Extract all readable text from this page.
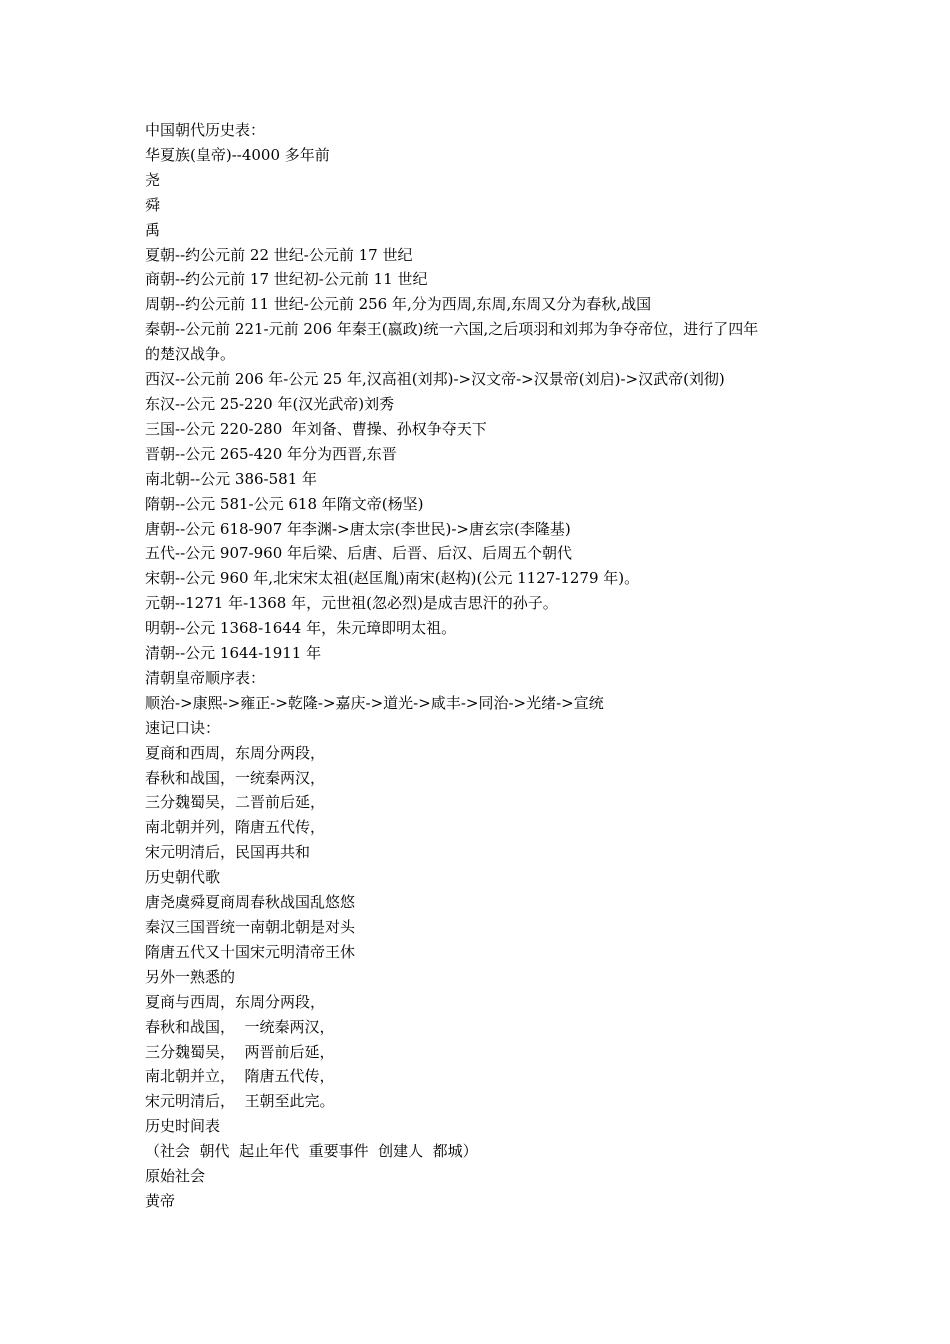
中国朝代历史表：
华夏族(皇帝)--4000 多年前
尧
舜
禹
夏朝--约公元前 22 世纪-公元前 17 世纪
商朝--约公元前 17 世纪初-公元前 11 世纪
周朝--约公元前 11 世纪-公元前 256 年,分为西周,东周,东周又分为春秋,战国
秦朝--公元前 221-元前 206 年秦王(嬴政)统一六国,之后项羽和刘邦为争夺帝位，进行了四年
的楚汉战争。
西汉--公元前 206 年-公元 25 年,汉高祖(刘邦)->汉文帝->汉景帝(刘启)->汉武帝(刘彻)
东汉--公元 25-220 年(汉光武帝)刘秀
三国--公元 220-280  年刘备、曹操、孙权争夺天下
晋朝--公元 265-420 年分为西晋,东晋
南北朝--公元 386-581 年
隋朝--公元 581-公元 618 年隋文帝(杨坚)
唐朝--公元 618-907 年李渊->唐太宗(李世民)->唐玄宗(李隆基)
五代--公元 907-960 年后梁、后唐、后晋、后汉、后周五个朝代
宋朝--公元 960 年,北宋宋太祖(赵匡胤)南宋(赵构)(公元 1127-1279 年)。
元朝--1271 年-1368 年，元世祖(忽必烈)是成吉思汗的孙子。
明朝--公元 1368-1644 年，朱元璋即明太祖。
清朝--公元 1644-1911 年
清朝皇帝顺序表：
顺治->康熙->雍正->乾隆->嘉庆->道光->咸丰->同治->光绪->宣统
速记口诀：
夏商和西周，东周分两段，
春秋和战国，一统秦两汉，
三分魏蜀吴，二晋前后延，
南北朝并列，隋唐五代传，
宋元明清后，民国再共和
历史朝代歌
唐尧虞舜夏商周春秋战国乱悠悠
秦汉三国晋统一南朝北朝是对头
隋唐五代又十国宋元明清帝王休
另外一熟悉的
夏商与西周，东周分两段，
春秋和战国，  一统秦两汉，
三分魏蜀吴，  两晋前后延，
南北朝并立，  隋唐五代传，
宋元明清后，  王朝至此完。
历史时间表
（社会  朝代  起止年代  重要事件  创建人  都城）
原始社会
黄帝
